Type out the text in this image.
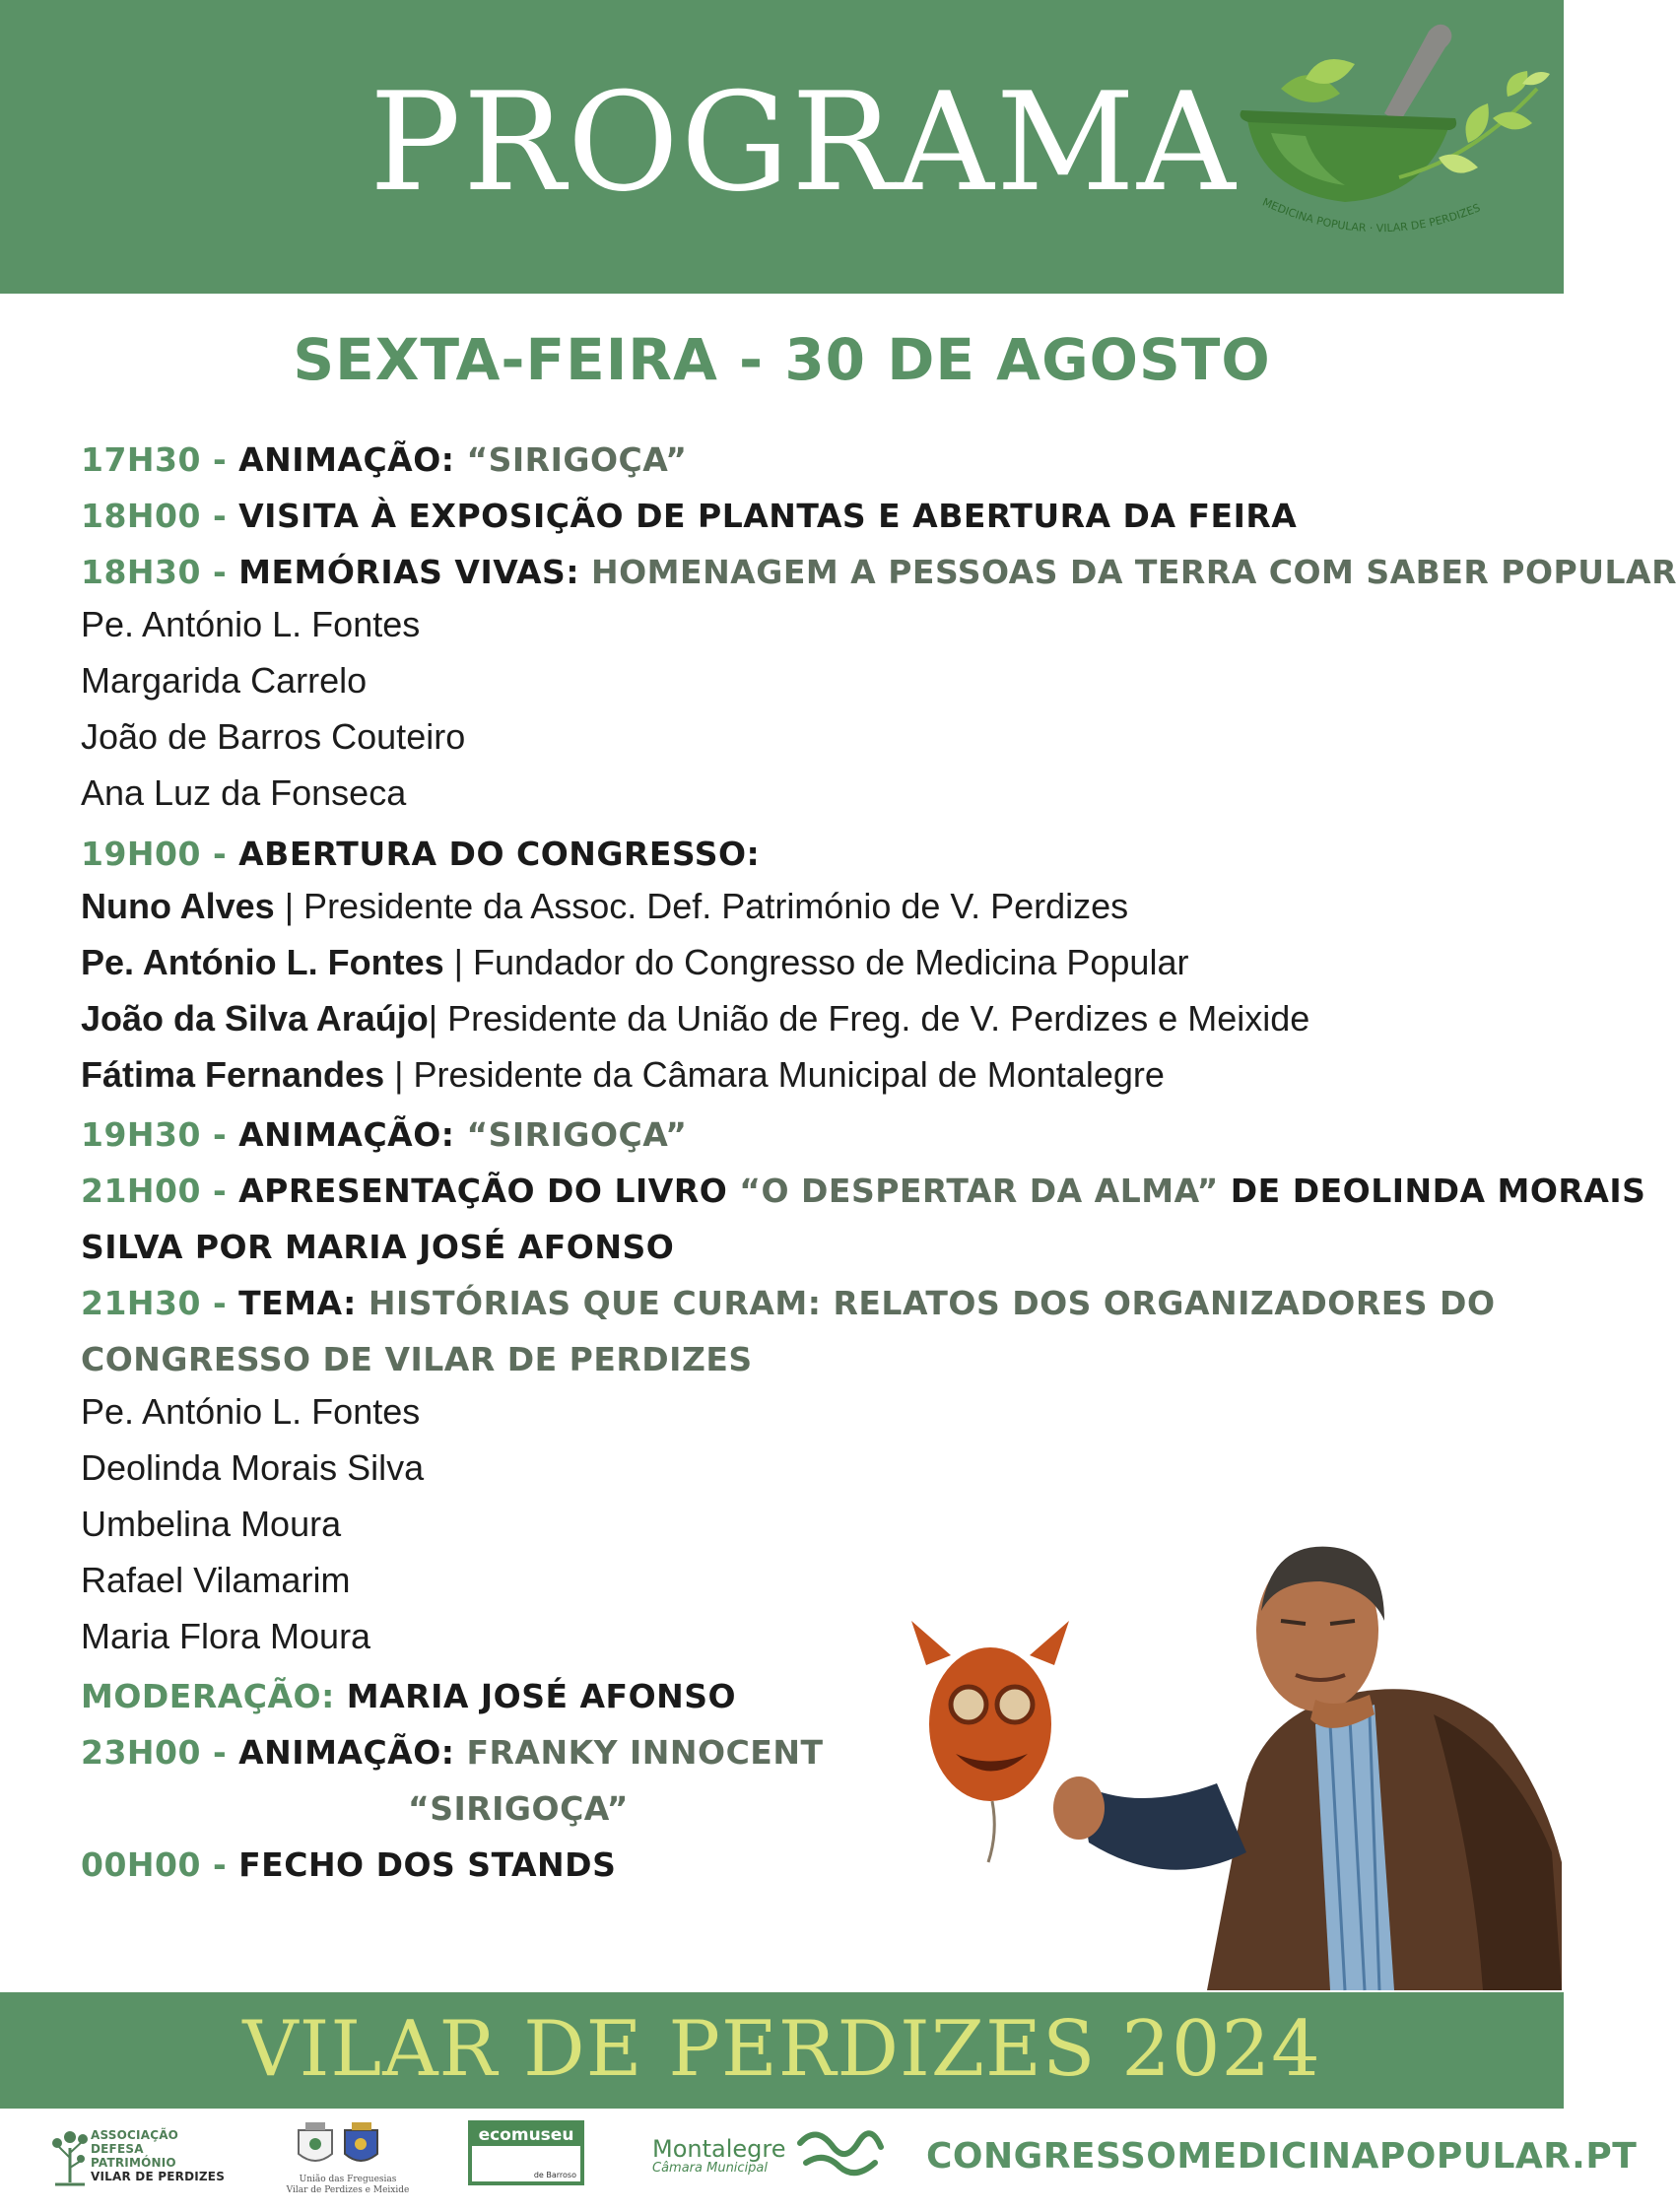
PROGRAMA MEDICINA POPULAR · VILAR DE PERDIZES
SEXTA-FEIRA - 30 DE AGOSTO
17H30 - ANIMAÇÃO: “SIRIGOÇA”
18H00 - VISITA À EXPOSIÇÃO DE PLANTAS E ABERTURA DA FEIRA
18H30 - MEMÓRIAS VIVAS: HOMENAGEM A PESSOAS DA TERRA COM SABER POPULAR
Pe. António L. Fontes
Margarida Carrelo
João de Barros Couteiro
Ana Luz da Fonseca
19H00 - ABERTURA DO CONGRESSO:
Nuno Alves | Presidente da Assoc. Def. Património de V. Perdizes
Pe. António L. Fontes | Fundador do Congresso de Medicina Popular
João da Silva Araújo| Presidente da União de Freg. de V. Perdizes e Meixide
Fátima Fernandes | Presidente da Câmara Municipal de Montalegre
19H30 - ANIMAÇÃO: “SIRIGOÇA”
21H00 - APRESENTAÇÃO DO LIVRO “O DESPERTAR DA ALMA” DE DEOLINDA MORAIS
SILVA POR MARIA JOSÉ AFONSO
21H30 - TEMA: HISTÓRIAS QUE CURAM: RELATOS DOS ORGANIZADORES DO
CONGRESSO DE VILAR DE PERDIZES
Pe. António L. Fontes
Deolinda Morais Silva
Umbelina Moura
Rafael Vilamarim
Maria Flora Moura
MODERAÇÃO: MARIA JOSÉ AFONSO
23H00 - ANIMAÇÃO: FRANKY INNOCENT
“SIRIGOÇA”
00H00 - FECHO DOS STANDS
VILAR DE PERDIZES 2024
ASSOCIAÇÃO
DEFESA
PATRIMÓNIO
VILAR DE PERDIZES	União das Freguesias
Vilar de Perdizes e Meixide
ecomuseu
de Barroso
Montalegre
Câmara Municipal	CONGRESSOMEDICINAPOPULAR.PT
